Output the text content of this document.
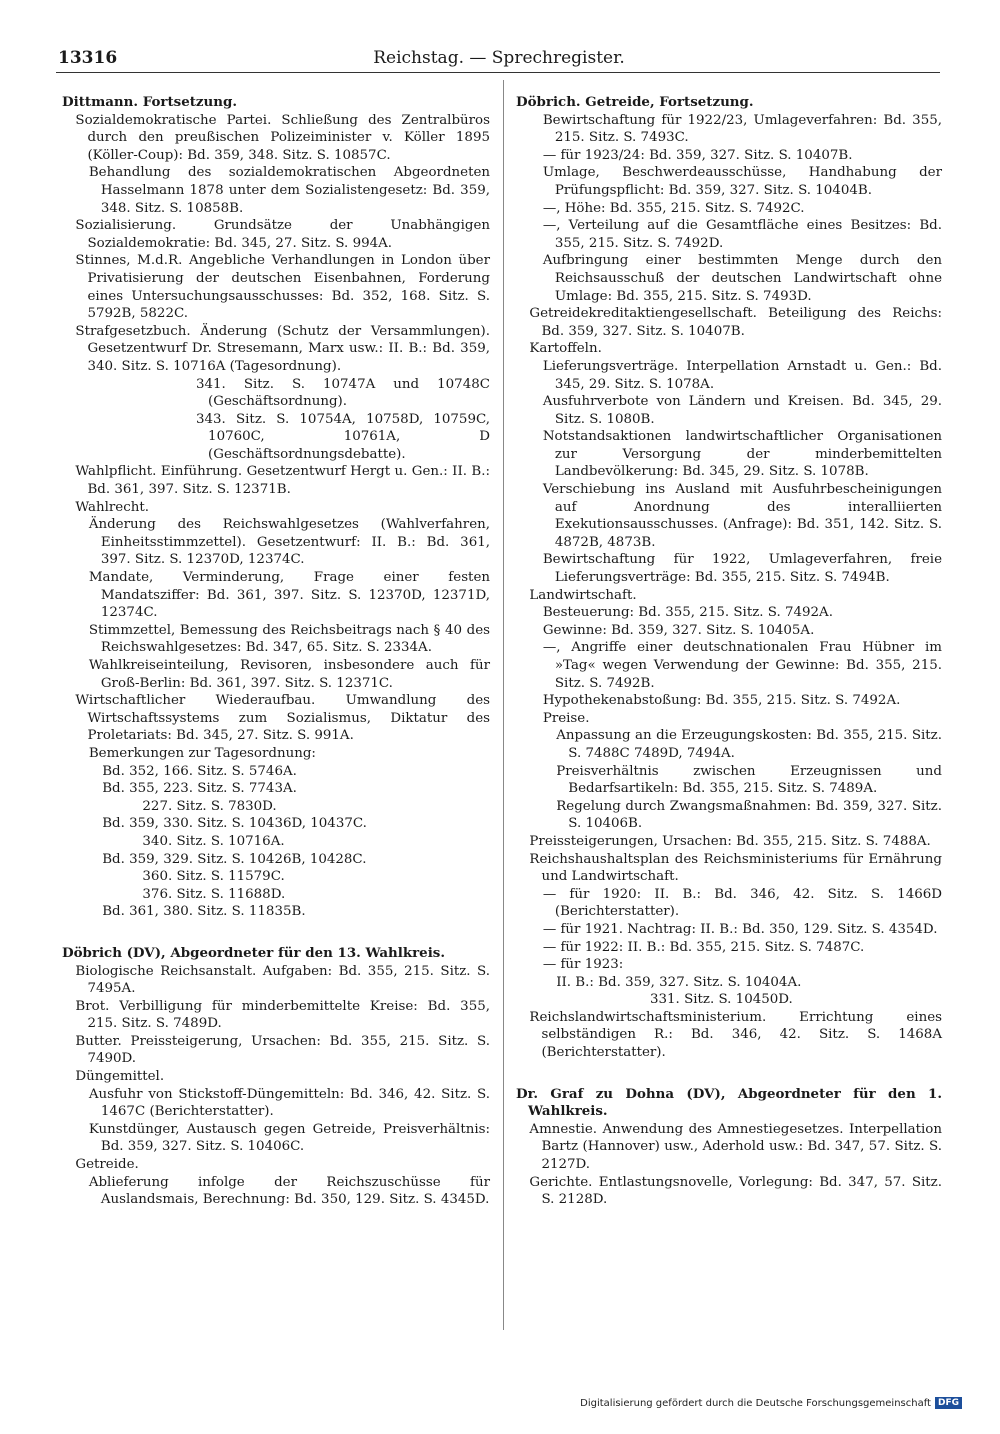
13316	Reichstag. — Sprechregister.

Dittmann. Fortsetzung.

Sozialdemokratische Partei. Schließung des Zentralbüros durch den preußischen Polizeiminister v. Köller 1895 (Köller-Coup): Bd. 359, 348. Sitz. S. 10857C.

Behandlung des sozialdemokratischen Abgeordneten Hasselmann 1878 unter dem Sozialistengesetz: Bd. 359, 348. Sitz. S. 10858B.

Sozialisierung. Grundsätze der Unabhängigen Sozialdemokratie: Bd. 345, 27. Sitz. S. 994A.

Stinnes, M.d.R. Angebliche Verhandlungen in London über Privatisierung der deutschen Eisenbahnen, Forderung eines Untersuchungsausschusses: Bd. 352, 168. Sitz. S. 5792B, 5822C.

Strafgesetzbuch. Änderung (Schutz der Versammlungen). Gesetzentwurf Dr. Stresemann, Marx usw.: II. B.: Bd. 359, 340. Sitz. S. 10716A (Tagesordnung).

341. Sitz. S. 10747A und 10748C (Geschäftsordnung).

343. Sitz. S. 10754A, 10758D, 10759C, 10760C, 10761A, D (Geschäftsordnungsdebatte).

Wahlpflicht. Einführung. Gesetzentwurf Hergt u. Gen.: II. B.: Bd. 361, 397. Sitz. S. 12371B.

Wahlrecht.

Änderung des Reichswahlgesetzes (Wahlverfahren, Einheitsstimmzettel). Gesetzentwurf: II. B.: Bd. 361, 397. Sitz. S. 12370D, 12374C.

Mandate, Verminderung, Frage einer festen Mandatsziffer: Bd. 361, 397. Sitz. S. 12370D, 12371D, 12374C.

Stimmzettel, Bemessung des Reichsbeitrags nach § 40 des Reichswahlgesetzes: Bd. 347, 65. Sitz. S. 2334A.

Wahlkreiseinteilung, Revisoren, insbesondere auch für Groß-Berlin: Bd. 361, 397. Sitz. S. 12371C.

Wirtschaftlicher Wiederaufbau. Umwandlung des Wirtschaftssystems zum Sozialismus, Diktatur des Proletariats: Bd. 345, 27. Sitz. S. 991A.

Bemerkungen zur Tagesordnung:

Bd. 352, 166. Sitz. S. 5746A.

Bd. 355, 223. Sitz. S. 7743A.

227. Sitz. S. 7830D.

Bd. 359, 330. Sitz. S. 10436D, 10437C.

340. Sitz. S. 10716A.

Bd. 359, 329. Sitz. S. 10426B, 10428C.

360. Sitz. S. 11579C.

376. Sitz. S. 11688D.

Bd. 361, 380. Sitz. S. 11835B.

Döbrich (DV), Abgeordneter für den 13. Wahlkreis.

Biologische Reichsanstalt. Aufgaben: Bd. 355, 215. Sitz. S. 7495A.

Brot. Verbilligung für minderbemittelte Kreise: Bd. 355, 215. Sitz. S. 7489D.

Butter. Preissteigerung, Ursachen: Bd. 355, 215. Sitz. S. 7490D.

Düngemittel.

Ausfuhr von Stickstoff-Düngemitteln: Bd. 346, 42. Sitz. S. 1467C (Berichterstatter).

Kunstdünger, Austausch gegen Getreide, Preisverhältnis: Bd. 359, 327. Sitz. S. 10406C.

Getreide.

Ablieferung infolge der Reichszuschüsse für Auslandsmais, Berechnung: Bd. 350, 129. Sitz. S. 4345D.

Döbrich. Getreide, Fortsetzung.

Bewirtschaftung für 1922/23, Umlageverfahren: Bd. 355, 215. Sitz. S. 7493C.

— für 1923/24: Bd. 359, 327. Sitz. S. 10407B.

Umlage, Beschwerdeausschüsse, Handhabung der Prüfungspflicht: Bd. 359, 327. Sitz. S. 10404B.

—, Höhe: Bd. 355, 215. Sitz. S. 7492C.

—, Verteilung auf die Gesamtfläche eines Besitzes: Bd. 355, 215. Sitz. S. 7492D.

Aufbringung einer bestimmten Menge durch den Reichsausschuß der deutschen Landwirtschaft ohne Umlage: Bd. 355, 215. Sitz. S. 7493D.

Getreidekreditaktiengesellschaft. Beteiligung des Reichs: Bd. 359, 327. Sitz. S. 10407B.

Kartoffeln.

Lieferungsverträge. Interpellation Arnstadt u. Gen.: Bd. 345, 29. Sitz. S. 1078A.

Ausfuhrverbote von Ländern und Kreisen. Bd. 345, 29. Sitz. S. 1080B.

Notstandsaktionen landwirtschaftlicher Organisationen zur Versorgung der minderbemittelten Landbevölkerung: Bd. 345, 29. Sitz. S. 1078B.

Verschiebung ins Ausland mit Ausfuhrbescheinigungen auf Anordnung des interalliierten Exekutionsausschusses. (Anfrage): Bd. 351, 142. Sitz. S. 4872B, 4873B.

Bewirtschaftung für 1922, Umlageverfahren, freie Lieferungsverträge: Bd. 355, 215. Sitz. S. 7494B.

Landwirtschaft.

Besteuerung: Bd. 355, 215. Sitz. S. 7492A.

Gewinne: Bd. 359, 327. Sitz. S. 10405A.

—, Angriffe einer deutschnationalen Frau Hübner im »Tag« wegen Verwendung der Gewinne: Bd. 355, 215. Sitz. S. 7492B.

Hypothekenabstoßung: Bd. 355, 215. Sitz. S. 7492A.

Preise.

Anpassung an die Erzeugungskosten: Bd. 355, 215. Sitz. S. 7488C 7489D, 7494A.

Preisverhältnis zwischen Erzeugnissen und Bedarfsartikeln: Bd. 355, 215. Sitz. S. 7489A.

Regelung durch Zwangsmaßnahmen: Bd. 359, 327. Sitz. S. 10406B.

Preissteigerungen, Ursachen: Bd. 355, 215. Sitz. S. 7488A.

Reichshaushaltsplan des Reichsministeriums für Ernährung und Landwirtschaft.

— für 1920: II. B.: Bd. 346, 42. Sitz. S. 1466D (Berichterstatter).

— für 1921. Nachtrag: II. B.: Bd. 350, 129. Sitz. S. 4354D.

— für 1922: II. B.: Bd. 355, 215. Sitz. S. 7487C.

— für 1923:

II. B.: Bd. 359, 327. Sitz. S. 10404A.

331. Sitz. S. 10450D.

Reichslandwirtschaftsministerium. Errichtung eines selbständigen R.: Bd. 346, 42. Sitz. S. 1468A (Berichterstatter).

Dr. Graf zu Dohna (DV), Abgeordneter für den 1. Wahlkreis.

Amnestie. Anwendung des Amnestiegesetzes. Interpellation Bartz (Hannover) usw., Aderhold usw.: Bd. 347, 57. Sitz. S. 2127D.

Gerichte. Entlastungsnovelle, Vorlegung: Bd. 347, 57. Sitz. S. 2128D.

Digitalisierung gefördert durch die Deutsche Forschungsgemeinschaft DFG
